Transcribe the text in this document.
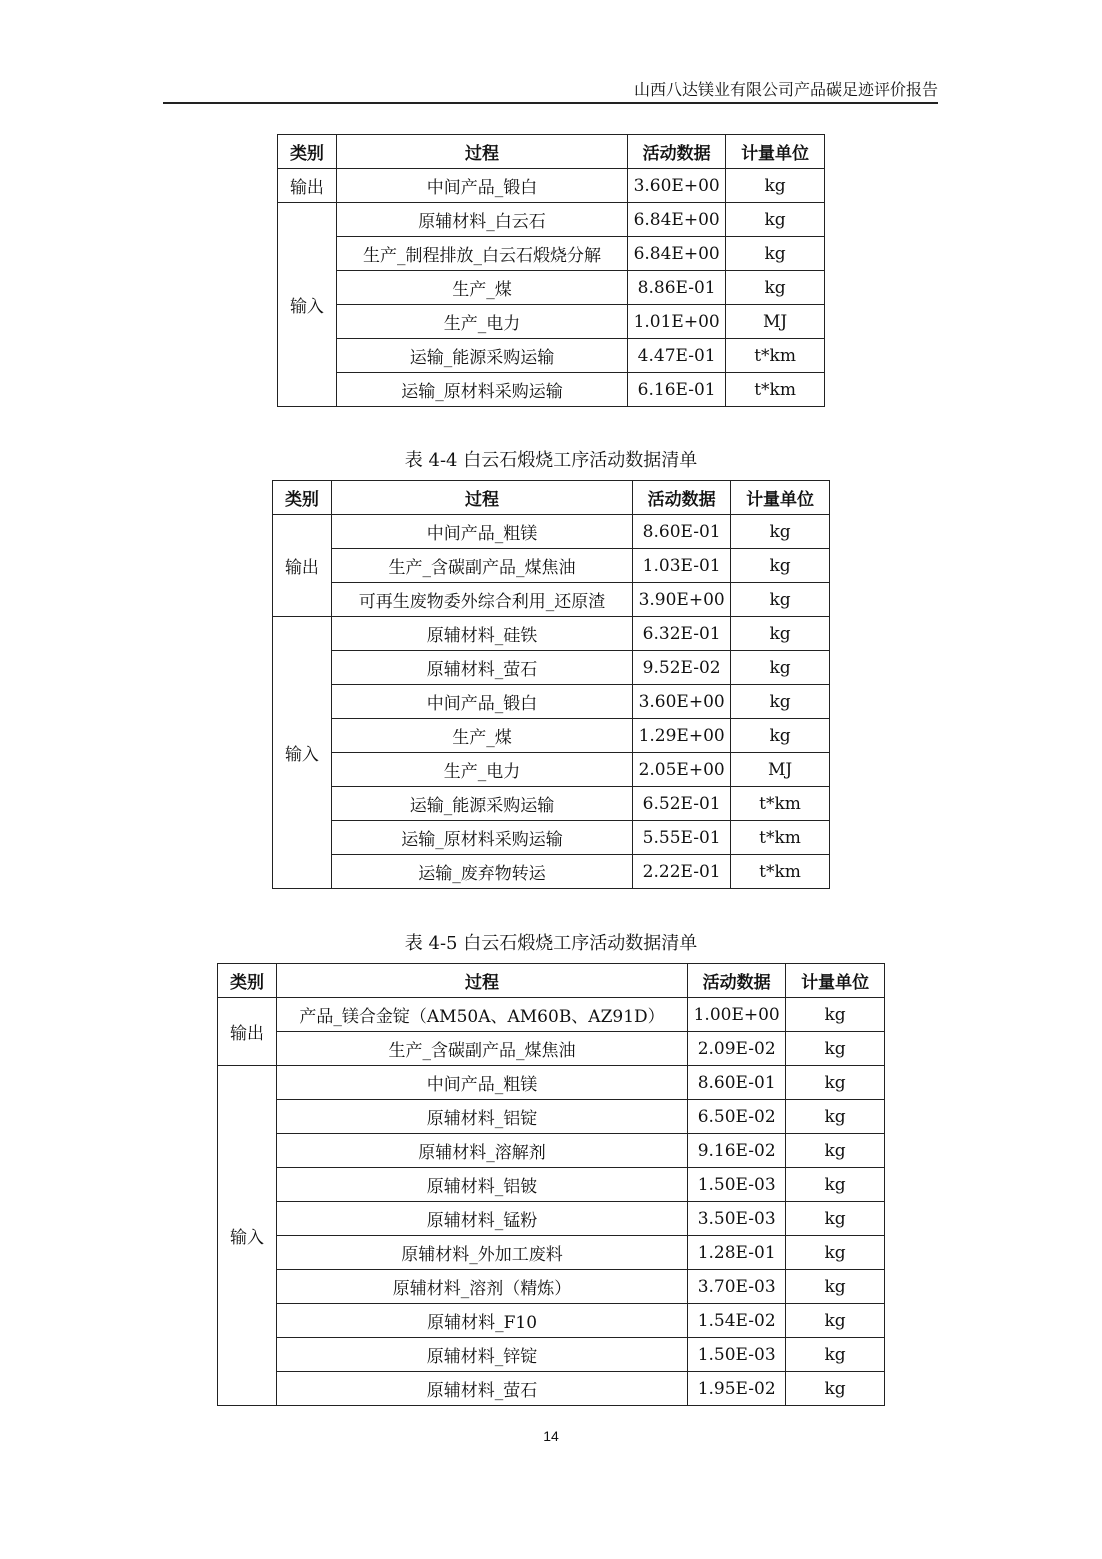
山西八达镁业有限公司产品碳足迹评价报告
类别	过程	活动数据	计量单位
输出	中间产品_锻白	3.60E+00	kg
输入	原辅材料_白云石	6.84E+00	kg
	生产_制程排放_白云石煅烧分解	6.84E+00	kg
	生产_煤	8.86E-01	kg
	生产_电力	1.01E+00	MJ
	运输_能源采购运输	4.47E-01	t*km
	运输_原材料采购运输	6.16E-01	t*km
表 4-4 白云石煅烧工序活动数据清单
类别	过程	活动数据	计量单位
输出	中间产品_粗镁	8.60E-01	kg
	生产_含碳副产品_煤焦油	1.03E-01	kg
	可再生废物委外综合利用_还原渣	3.90E+00	kg
输入	原辅材料_硅铁	6.32E-01	kg
	原辅材料_萤石	9.52E-02	kg
	中间产品_锻白	3.60E+00	kg
	生产_煤	1.29E+00	kg
	生产_电力	2.05E+00	MJ
	运输_能源采购运输	6.52E-01	t*km
	运输_原材料采购运输	5.55E-01	t*km
	运输_废弃物转运	2.22E-01	t*km
表 4-5 白云石煅烧工序活动数据清单
类别	过程	活动数据	计量单位
输出	产品_镁合金锭（AM50A、AM60B、AZ91D）	1.00E+00	kg
	生产_含碳副产品_煤焦油	2.09E-02	kg
输入	中间产品_粗镁	8.60E-01	kg
	原辅材料_铝锭	6.50E-02	kg
	原辅材料_溶解剂	9.16E-02	kg
	原辅材料_铝铍	1.50E-03	kg
	原辅材料_锰粉	3.50E-03	kg
	原辅材料_外加工废料	1.28E-01	kg
	原辅材料_溶剂（精炼）	3.70E-03	kg
	原辅材料_F10	1.54E-02	kg
	原辅材料_锌锭	1.50E-03	kg
	原辅材料_萤石	1.95E-02	kg
14
